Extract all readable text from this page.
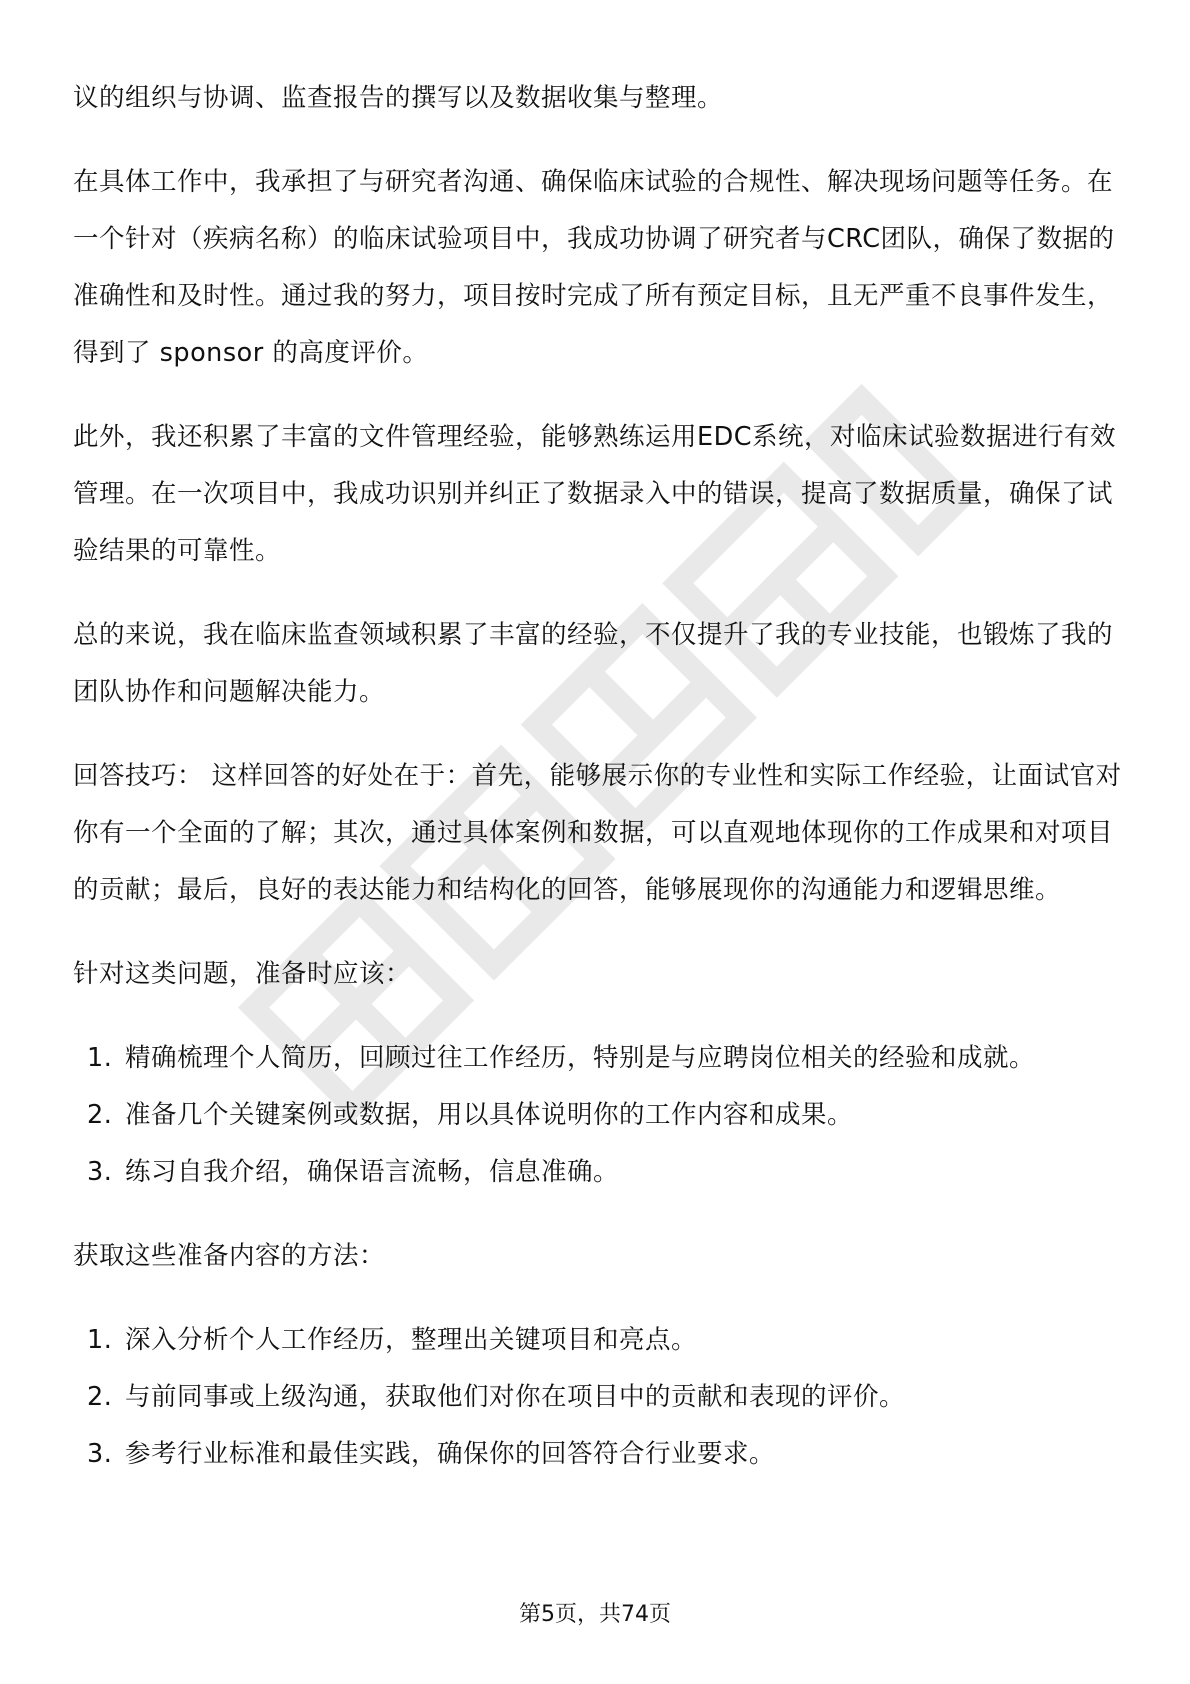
议的组织与协调、监查报告的撰写以及数据收集与整理。

在具体工作中，我承担了与研究者沟通、确保临床试验的合规性、解决现场问题等任务。在一个针对（疾病名称）的临床试验项目中，我成功协调了研究者与CRC团队，确保了数据的准确性和及时性。通过我的努力，项目按时完成了所有预定目标，且无严重不良事件发生，得到了 sponsor 的高度评价。

此外，我还积累了丰富的文件管理经验，能够熟练运用EDC系统，对临床试验数据进行有效管理。在一次项目中，我成功识别并纠正了数据录入中的错误，提高了数据质量，确保了试验结果的可靠性。

总的来说，我在临床监查领域积累了丰富的经验，不仅提升了我的专业技能，也锻炼了我的团队协作和问题解决能力。

回答技巧： 这样回答的好处在于：首先，能够展示你的专业性和实际工作经验，让面试官对你有一个全面的了解；其次，通过具体案例和数据，可以直观地体现你的工作成果和对项目的贡献；最后，良好的表达能力和结构化的回答，能够展现你的沟通能力和逻辑思维。

针对这类问题，准备时应该：

1. 精确梳理个人简历，回顾过往工作经历，特别是与应聘岗位相关的经验和成就。
2. 准备几个关键案例或数据，用以具体说明你的工作内容和成果。
3. 练习自我介绍，确保语言流畅，信息准确。

获取这些准备内容的方法：

1. 深入分析个人工作经历，整理出关键项目和亮点。
2. 与前同事或上级沟通，获取他们对你在项目中的贡献和表现的评价。
3. 参考行业标准和最佳实践，确保你的回答符合行业要求。
第5页，共74页
